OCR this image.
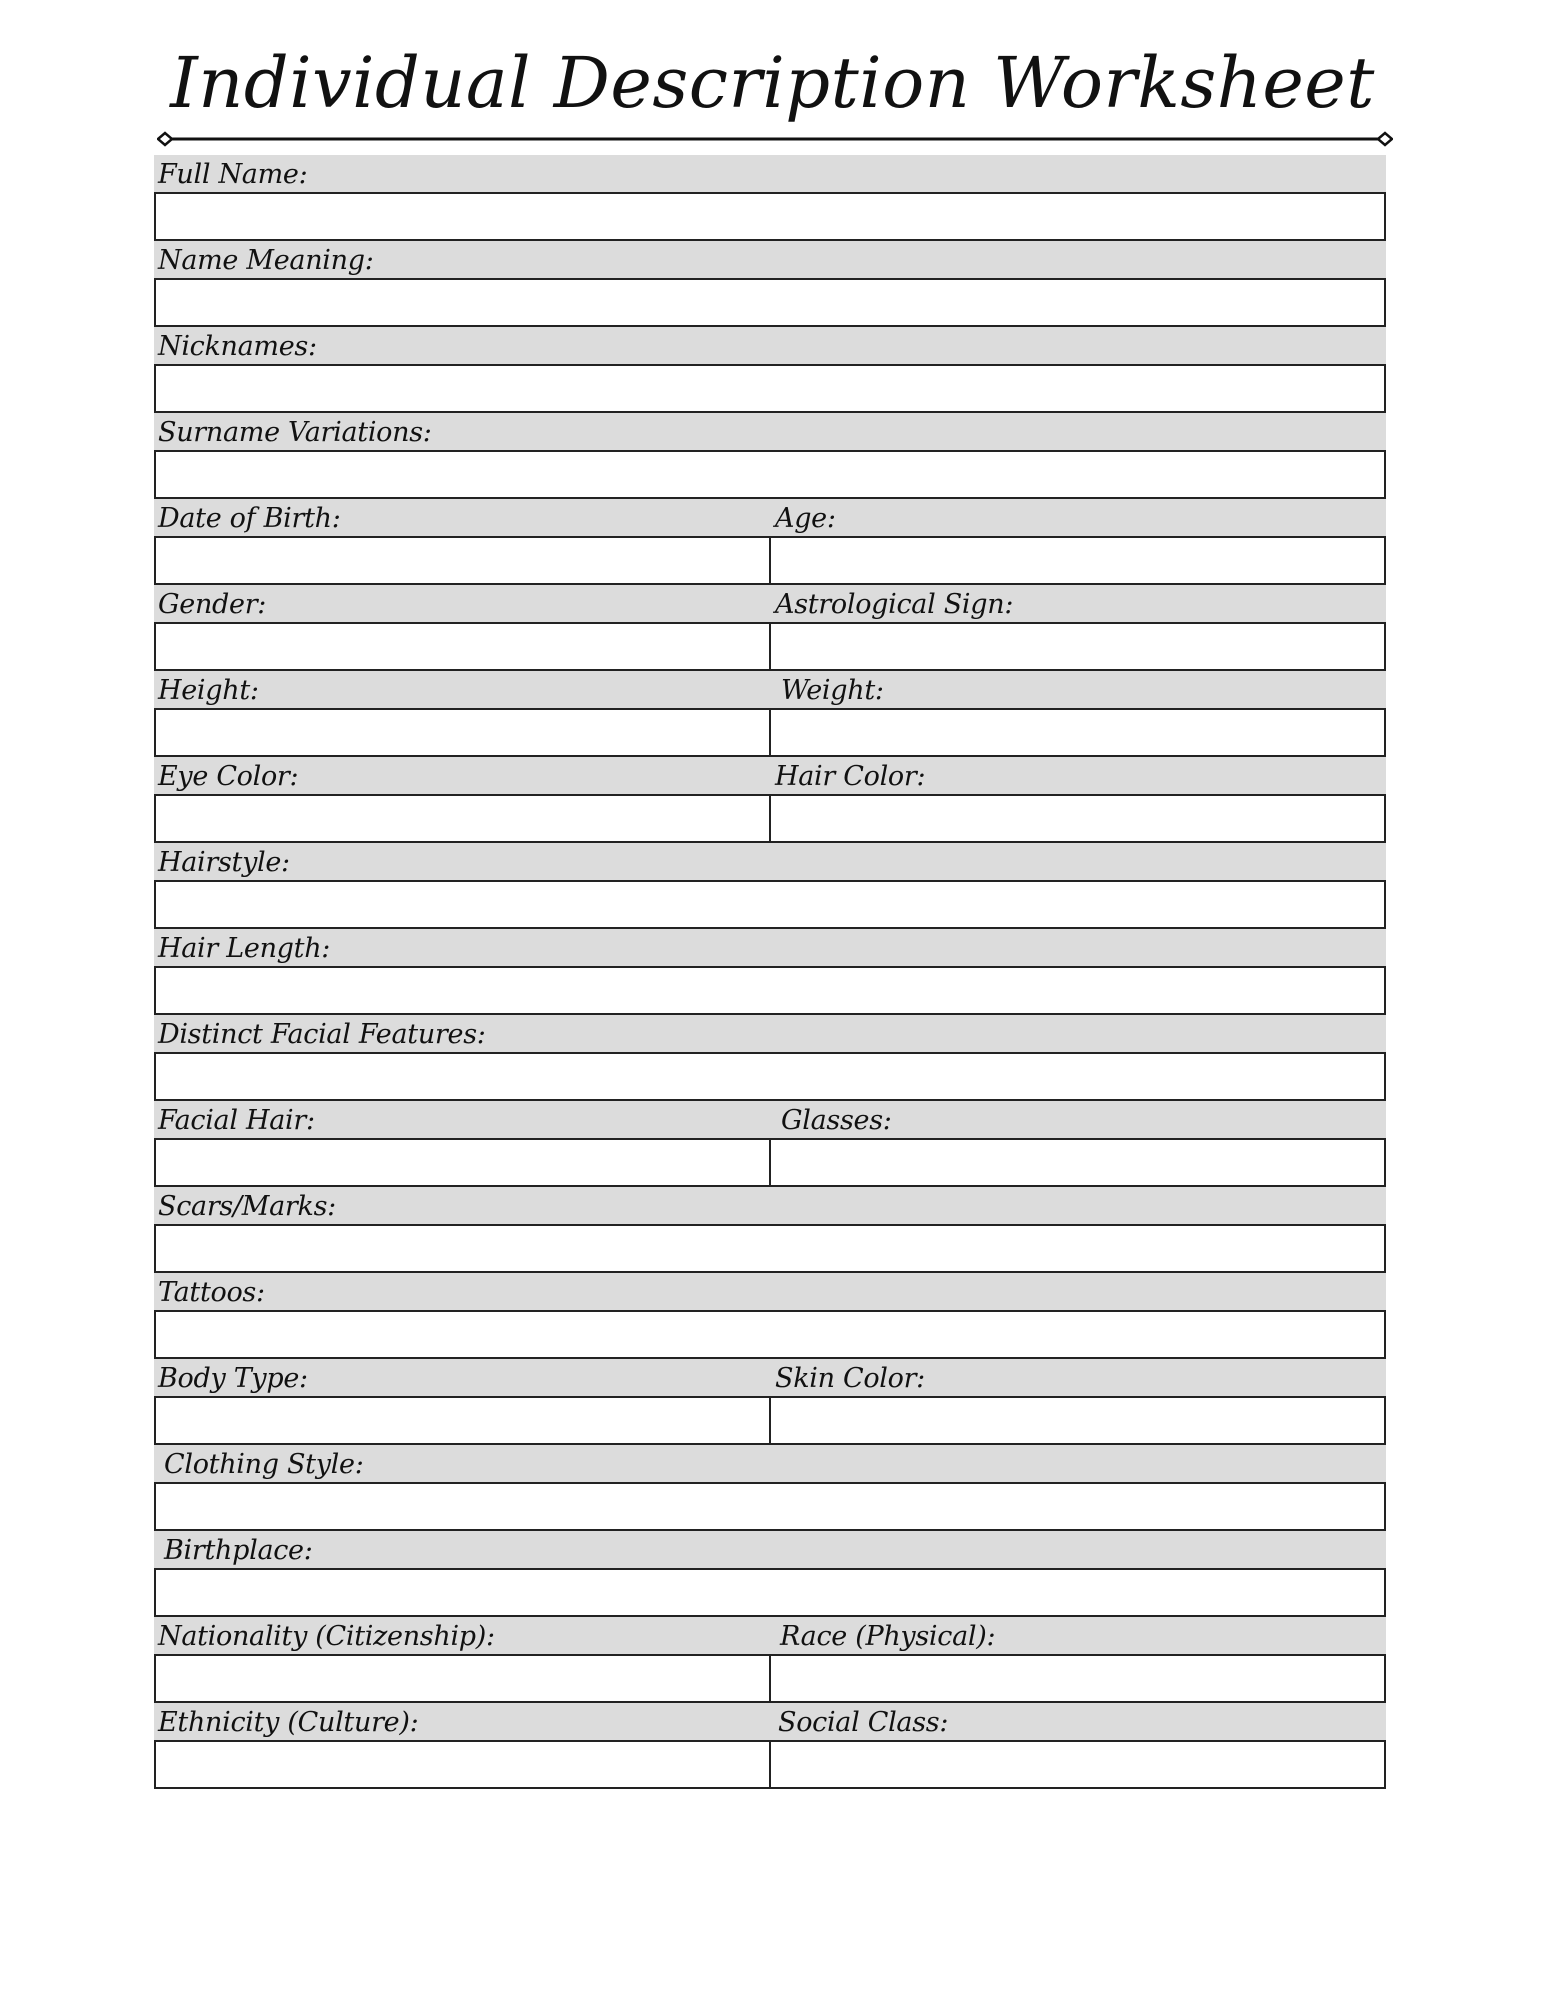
Individual Description Worksheet
Full Name:
Name Meaning:
Nicknames:
Surname Variations:
Date of Birth:	Age:
Gender:	Astrological Sign:
Height:	Weight:
Eye Color:	Hair Color:
Hairstyle:
Hair Length:
Distinct Facial Features:
Facial Hair:	Glasses:
Scars/Marks:
Tattoos:
Body Type:	Skin Color:
Clothing Style:
Birthplace:
Nationality (Citizenship):	Race (Physical):
Ethnicity (Culture):	Social Class:
